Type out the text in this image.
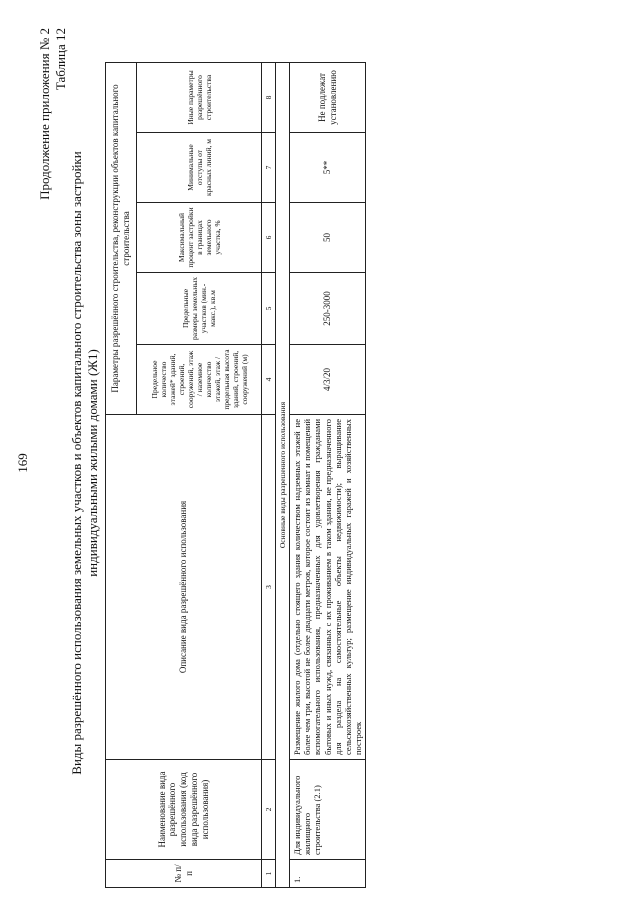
169
Продолжение приложения № 2 Таблица 12
Виды разрешённого использования земельных участков и объектов капитального строительства зоны застройки индивидуальными жилыми домами (Ж1)
№ п/п	Наименование вида разрешённого использования (код вида разрешённого использования)	Описание вида разрешённого использования	Параметры разрешённого строительства, реконструкции объектов капитального строительства				
			Предельное количество этажей* зданий, строений, сооружений, этаж / наземное количество этажей, этаж / предельная высота зданий, строений, сооружений (м)	Предельные размеры земельных участков (мин.-макс.), кв.м	Максимальный процент застройки в границах земельного участка, %	Минимальные отступы от красных линий, м	Иные параметры разрешённого строительства
1	2	3	4	5	6	7	8
Основные виды разрешенного использования							
1.	Для индивидуального жилищного строительства (2.1)	Размещение жилого дома (отдельно стоящего здания количеством надземных этажей не более чем три, высотой не более двадцати метров, которое состоит из комнат и помещений вспомогательного использования, предназначенных для удовлетворения гражданами бытовых и иных нужд, связанных с их проживанием в таком здании, не предназначенного для раздела на самостоятельные объекты недвижимости); выращивание сельскохозяйственных культур; размещение индивидуальных гаражей и хозяйственных построек	4/3/20	250-3000	50	5**	Не подлежат установлению
